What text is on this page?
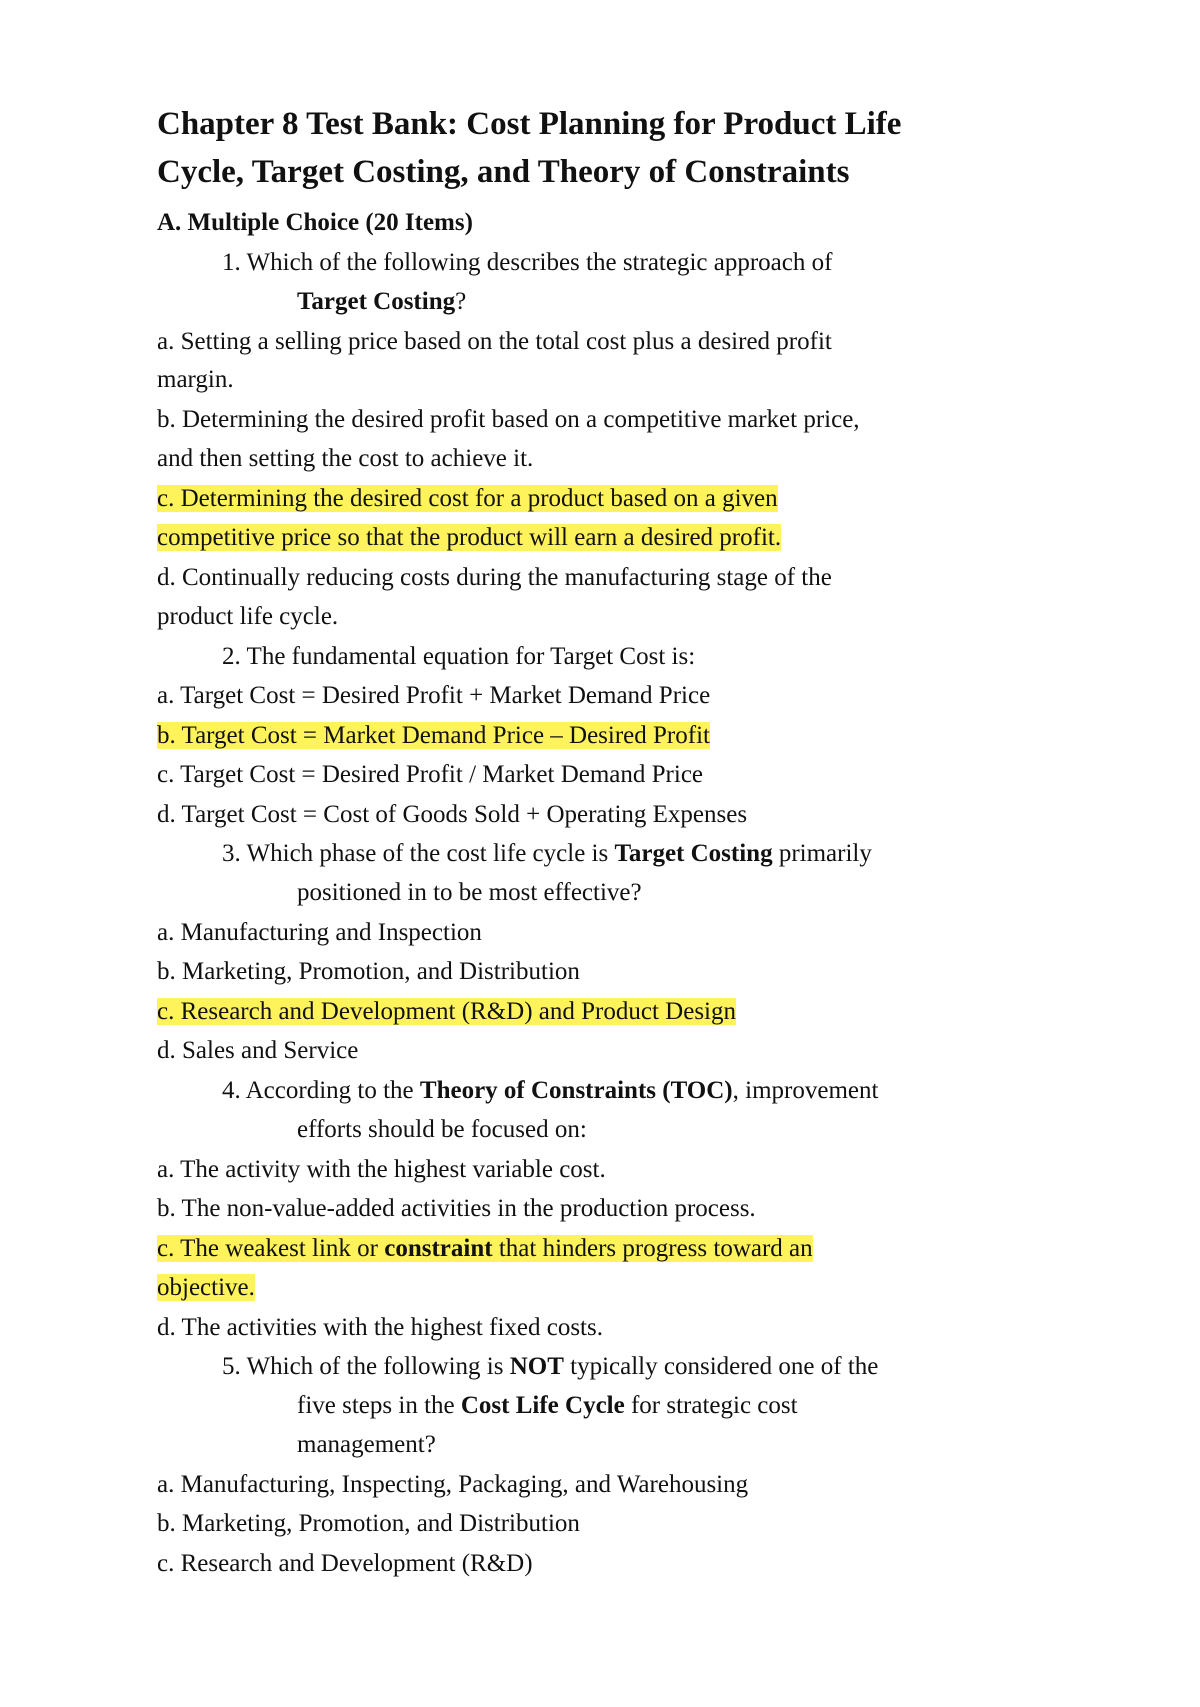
Chapter 8 Test Bank: Cost Planning for Product Life
Cycle, Target Costing, and Theory of Constraints

A. Multiple Choice (20 Items)

1. Which of the following describes the strategic approach of

Target Costing?

a. Setting a selling price based on the total cost plus a desired profit

margin.

b. Determining the desired profit based on a competitive market price,

and then setting the cost to achieve it.

c. Determining the desired cost for a product based on a given

competitive price so that the product will earn a desired profit.

d. Continually reducing costs during the manufacturing stage of the

product life cycle.

2. The fundamental equation for Target Cost is:

a. Target Cost = Desired Profit + Market Demand Price

b. Target Cost = Market Demand Price – Desired Profit

c. Target Cost = Desired Profit / Market Demand Price

d. Target Cost = Cost of Goods Sold + Operating Expenses

3. Which phase of the cost life cycle is Target Costing primarily

positioned in to be most effective?

a. Manufacturing and Inspection

b. Marketing, Promotion, and Distribution

c. Research and Development (R&D) and Product Design

d. Sales and Service

4. According to the Theory of Constraints (TOC), improvement

efforts should be focused on:

a. The activity with the highest variable cost.

b. The non-value-added activities in the production process.

c. The weakest link or constraint that hinders progress toward an

objective.

d. The activities with the highest fixed costs.

5. Which of the following is NOT typically considered one of the

five steps in the Cost Life Cycle for strategic cost

management?

a. Manufacturing, Inspecting, Packaging, and Warehousing

b. Marketing, Promotion, and Distribution

c. Research and Development (R&D)
